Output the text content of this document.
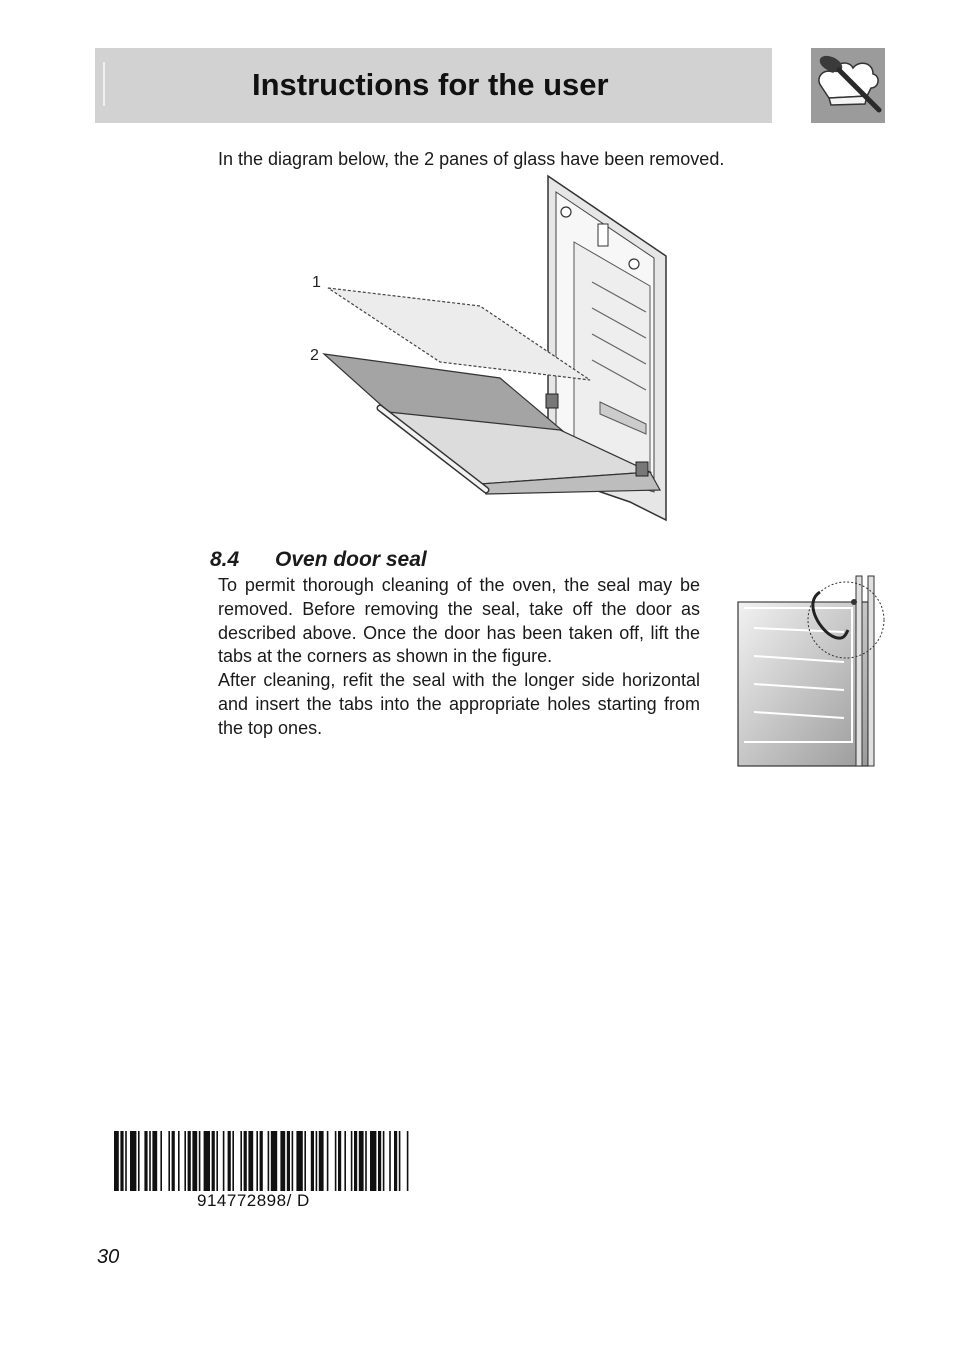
Instructions for the user
In the diagram below, the 2 panes of glass have been removed.
1
2
8.4 Oven door seal

To permit thorough cleaning of the oven, the seal may be removed. Before removing the seal, take off the door as described above. Once the door has been taken off, lift the tabs at the corners as shown in the figure.

After cleaning, refit the seal with the longer side horizontal and insert the tabs into the appropriate holes starting from the top ones.

914772898/ D
30
